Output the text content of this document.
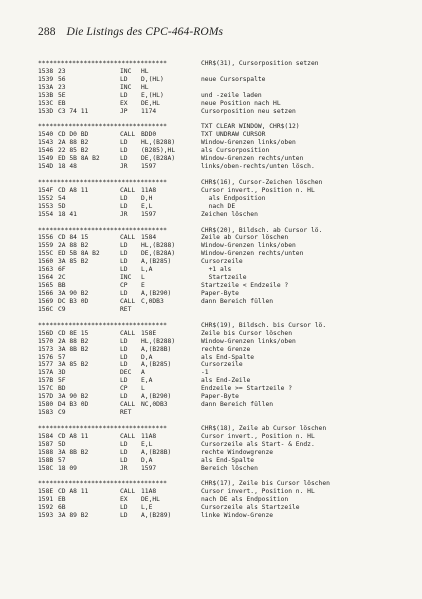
288 Die Listings des CPC-464-ROMs
**********************************	CHR$(31), Cursorposition setzen
1538 23	INC HL
1539 56	LD D,(HL)	neue Cursorspalte
153A 23	INC HL
153B 5E	LD E,(HL)	und -zeile laden
153C EB	EX DE,HL	neue Position nach HL
153D C3 74 11	JP 1174	Cursorposition neu setzen
**********************************	TXT CLEAR WINDOW, CHR$(12)
1540 CD D0 BD	CALL BDD0	TXT UNDRAW CURSOR
1543 2A 88 B2	LD HL,(B288)	Window-Grenzen links/oben
1546 22 85 B2	LD (B285),HL	als Cursorposition
1549 ED 5B 8A B2	LD DE,(B28A)	Window-Grenzen rechts/unten
154D 18 48	JR 1597	links/oben-rechts/unten lösch.
**********************************	CHR$(16), Cursor-Zeichen löschen
154F CD A8 11	CALL 11A8	Cursor invert., Position n. HL
1552 54	LD D,H	als Endposition
1553 5D	LD E,L	nach DE
1554 18 41	JR 1597	Zeichen löschen
**********************************	CHR$(20), Bildsch. ab Cursor lö.
1556 CD 84 15	CALL 1584	Zeile ab Cursor löschen
1559 2A 88 B2	LD HL,(B288)	Window-Grenzen links/oben
155C ED 5B 8A B2	LD DE,(B28A)	Window-Grenzen rechts/unten
1560 3A 85 B2	LD A,(B285)	Cursorzeile
1563 6F	LD L,A	+1 als
1564 2C	INC L	Startzeile
1565 BB	CP E	Startzeile < Endzeile ?
1566 3A 90 B2	LD A,(B290)	Paper-Byte
1569 DC B3 0D	CALL C,0DB3	dann Bereich füllen
156C C9	RET
**********************************	CHR$(19), Bildsch. bis Cursor lö.
156D CD 8E 15	CALL 158E	Zeile bis Cursor löschen
1570 2A 88 B2	LD HL,(B288)	Window-Grenzen links/oben
1573 3A 8B B2	LD A,(B28B)	rechte Grenze
1576 57	LD D,A	als End-Spalte
1577 3A 85 B2	LD A,(B285)	Cursorzeile
157A 3D	DEC A	-1
157B 5F	LD E,A	als End-Zeile
157C BD	CP L	Endzeile >= Startzeile ?
157D 3A 90 B2	LD A,(B290)	Paper-Byte
1580 D4 B3 0D	CALL NC,0DB3	dann Bereich füllen
1583 C9	RET
**********************************	CHR$(18), Zeile ab Cursor löschen
1584 CD A8 11	CALL 11A8	Cursor invert., Position n. HL
1587 5D	LD E,L	Cursorzeile als Start- & Endz.
1588 3A 8B B2	LD A,(B28B)	rechte Windowgrenze
158B 57	LD D,A	als End-Spalte
158C 18 09	JR 1597	Bereich löschen
**********************************	CHR$(17), Zeile bis Cursor löschen
158E CD A8 11	CALL 11A8	Cursor invert., Position n. HL
1591 EB	EX DE,HL	nach DE als Endposition
1592 6B	LD L,E	Cursorzeile als Startzeile
1593 3A 89 B2	LD A,(B289)	linke Window-Grenze
